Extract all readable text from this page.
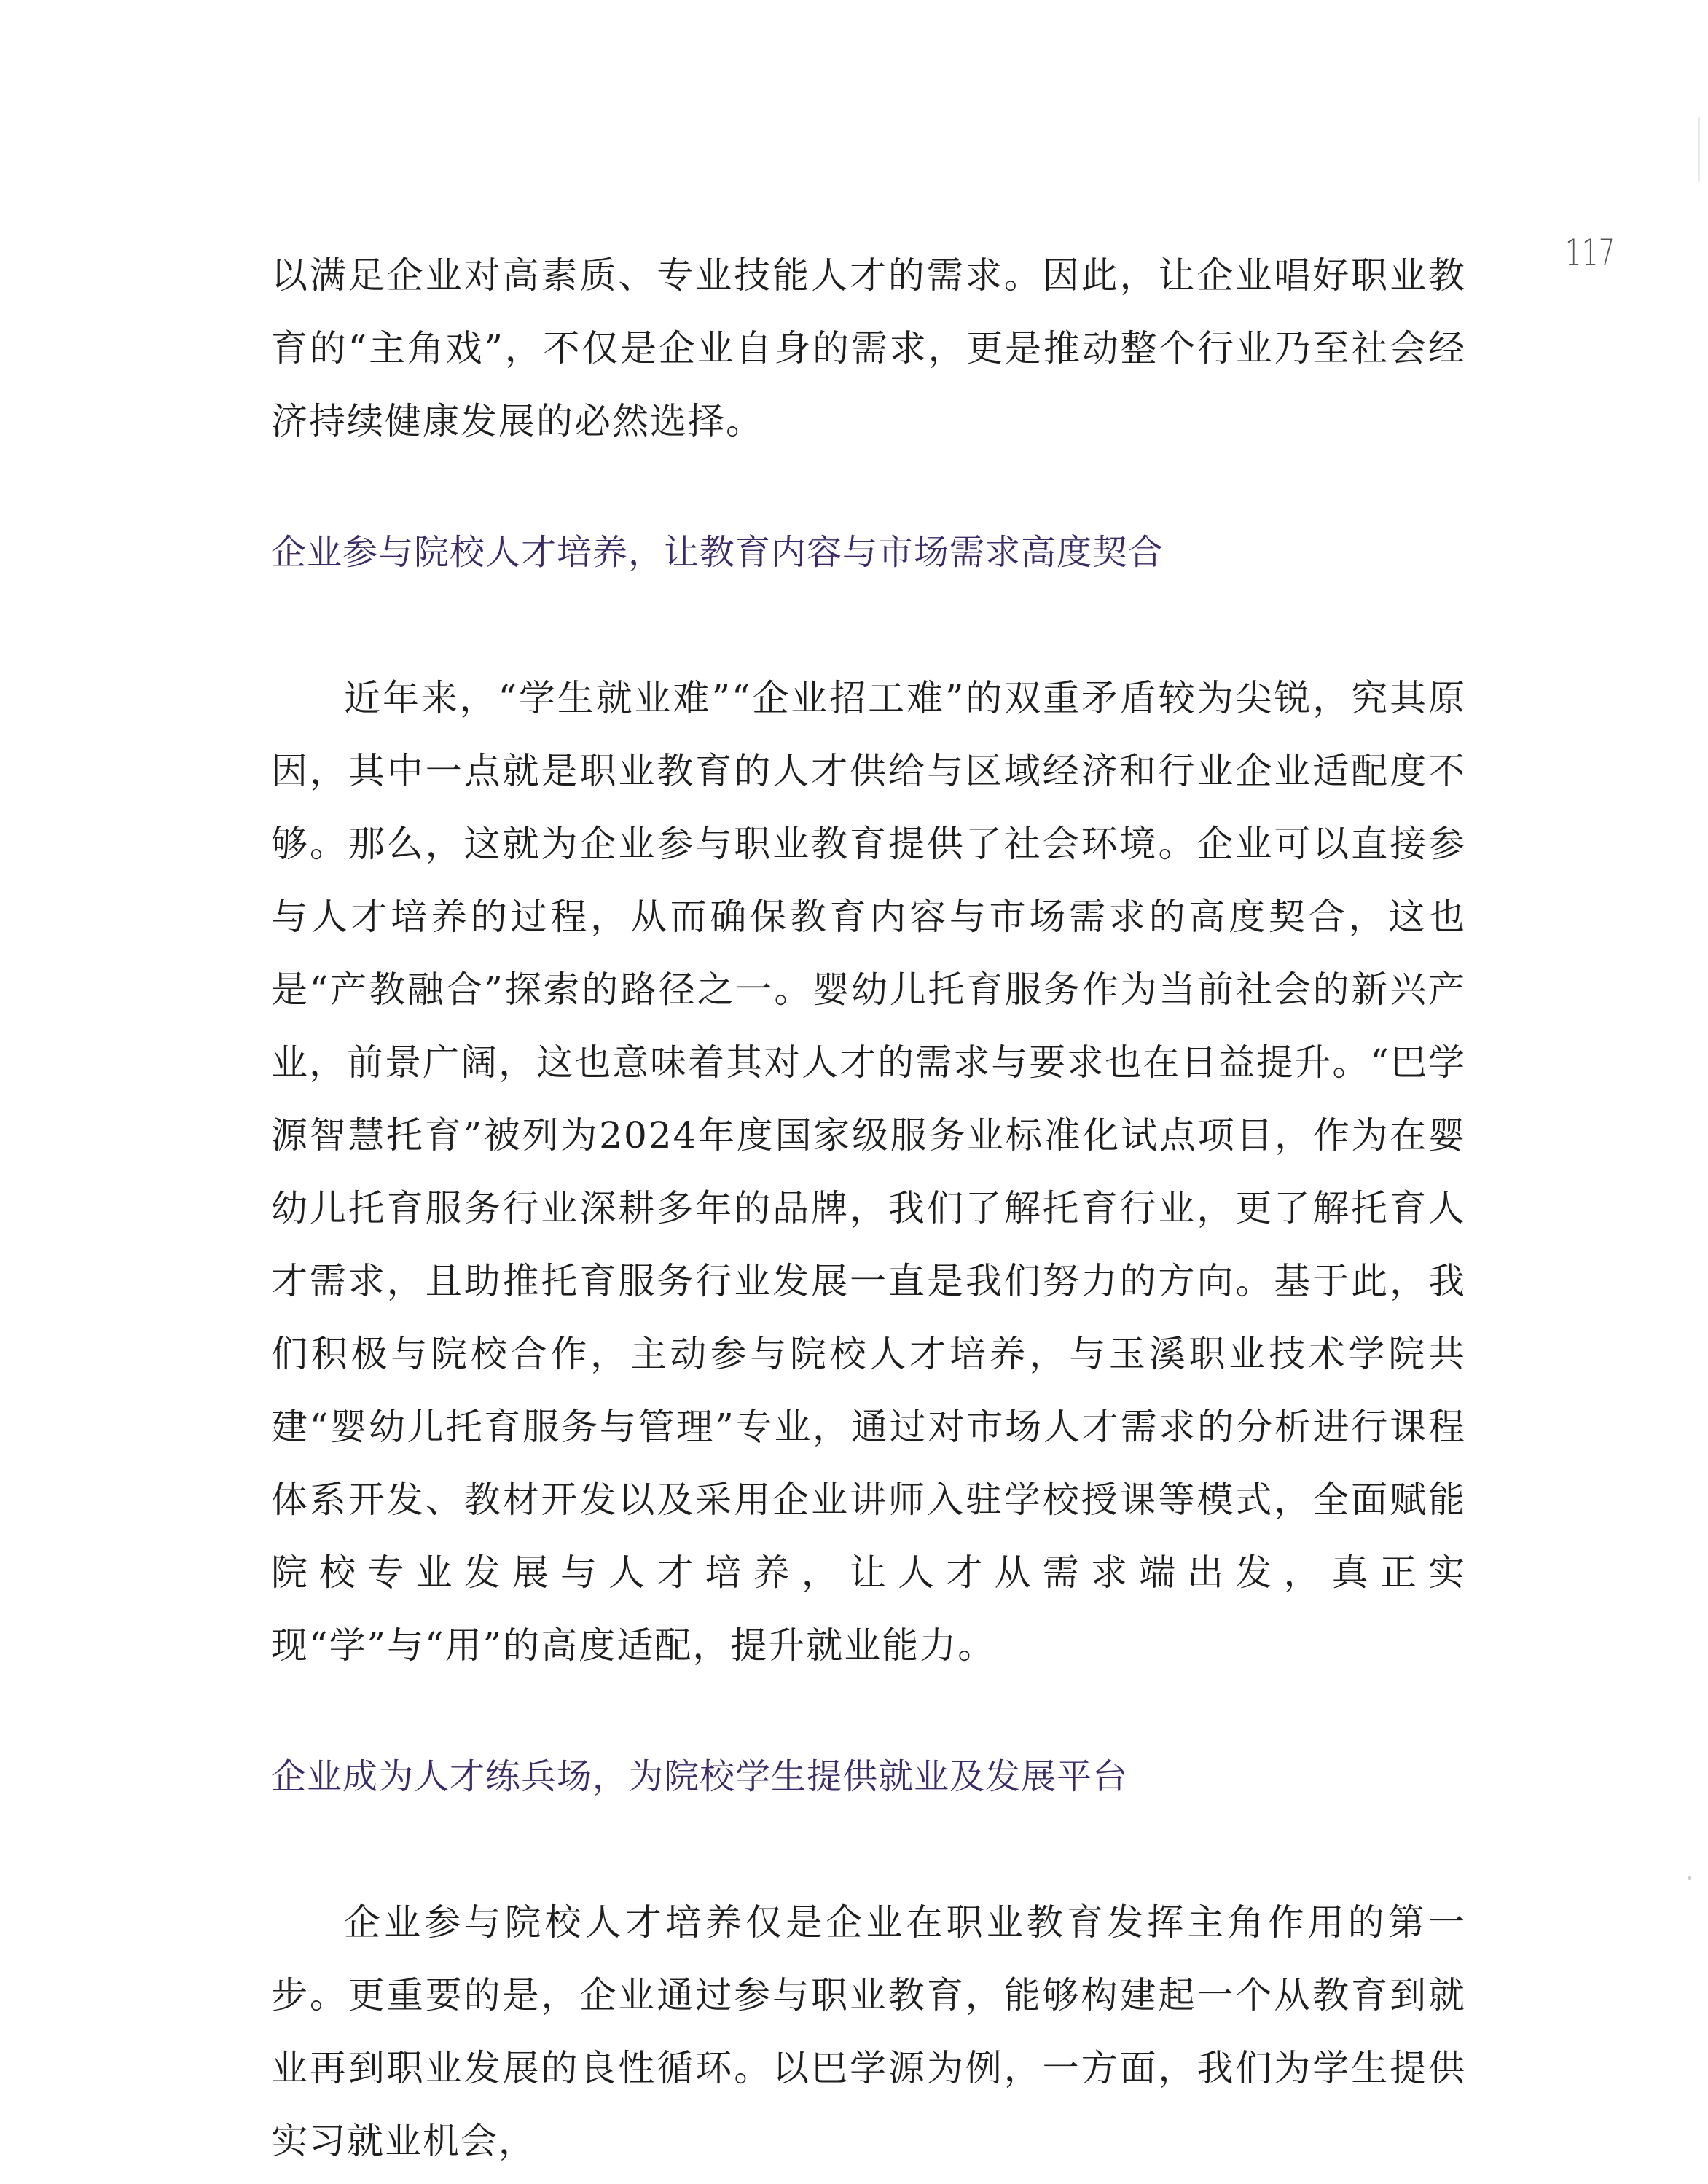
117

以满足企业对高素质、专业技能人才的需求。因此，让企业唱好职业教育的“主角戏”，不仅是企业自身的需求，更是推动整个行业乃至社会经济持续健康发展的必然选择。

企业参与院校人才培养，让教育内容与市场需求高度契合

近年来，“学生就业难”“企业招工难”的双重矛盾较为尖锐，究其原因，其中一点就是职业教育的人才供给与区域经济和行业企业适配度不够。那么，这就为企业参与职业教育提供了社会环境。企业可以直接参与人才培养的过程，从而确保教育内容与市场需求的高度契合，这也是“产教融合”探索的路径之一。婴幼儿托育服务作为当前社会的新兴产业，前景广阔，这也意味着其对人才的需求与要求也在日益提升。“巴学源智慧托育”被列为2024年度国家级服务业标准化试点项目，作为在婴幼儿托育服务行业深耕多年的品牌，我们了解托育行业，更了解托育人才需求，且助推托育服务行业发展一直是我们努力的方向。基于此，我们积极与院校合作，主动参与院校人才培养，与玉溪职业技术学院共建“婴幼儿托育服务与管理”专业，通过对市场人才需求的分析进行课程体系开发、教材开发以及采用企业讲师入驻学校授课等模式，全面赋能院校专业发展与人才培养，让人才从需求端出发，真正实现“学”与“用”的高度适配，提升就业能力。

企业成为人才练兵场，为院校学生提供就业及发展平台

企业参与院校人才培养仅是企业在职业教育发挥主角作用的第一步。更重要的是，企业通过参与职业教育，能够构建起一个从教育到就业再到职业发展的良性循环。以巴学源为例，一方面，我们为学生提供实习就业机会，
